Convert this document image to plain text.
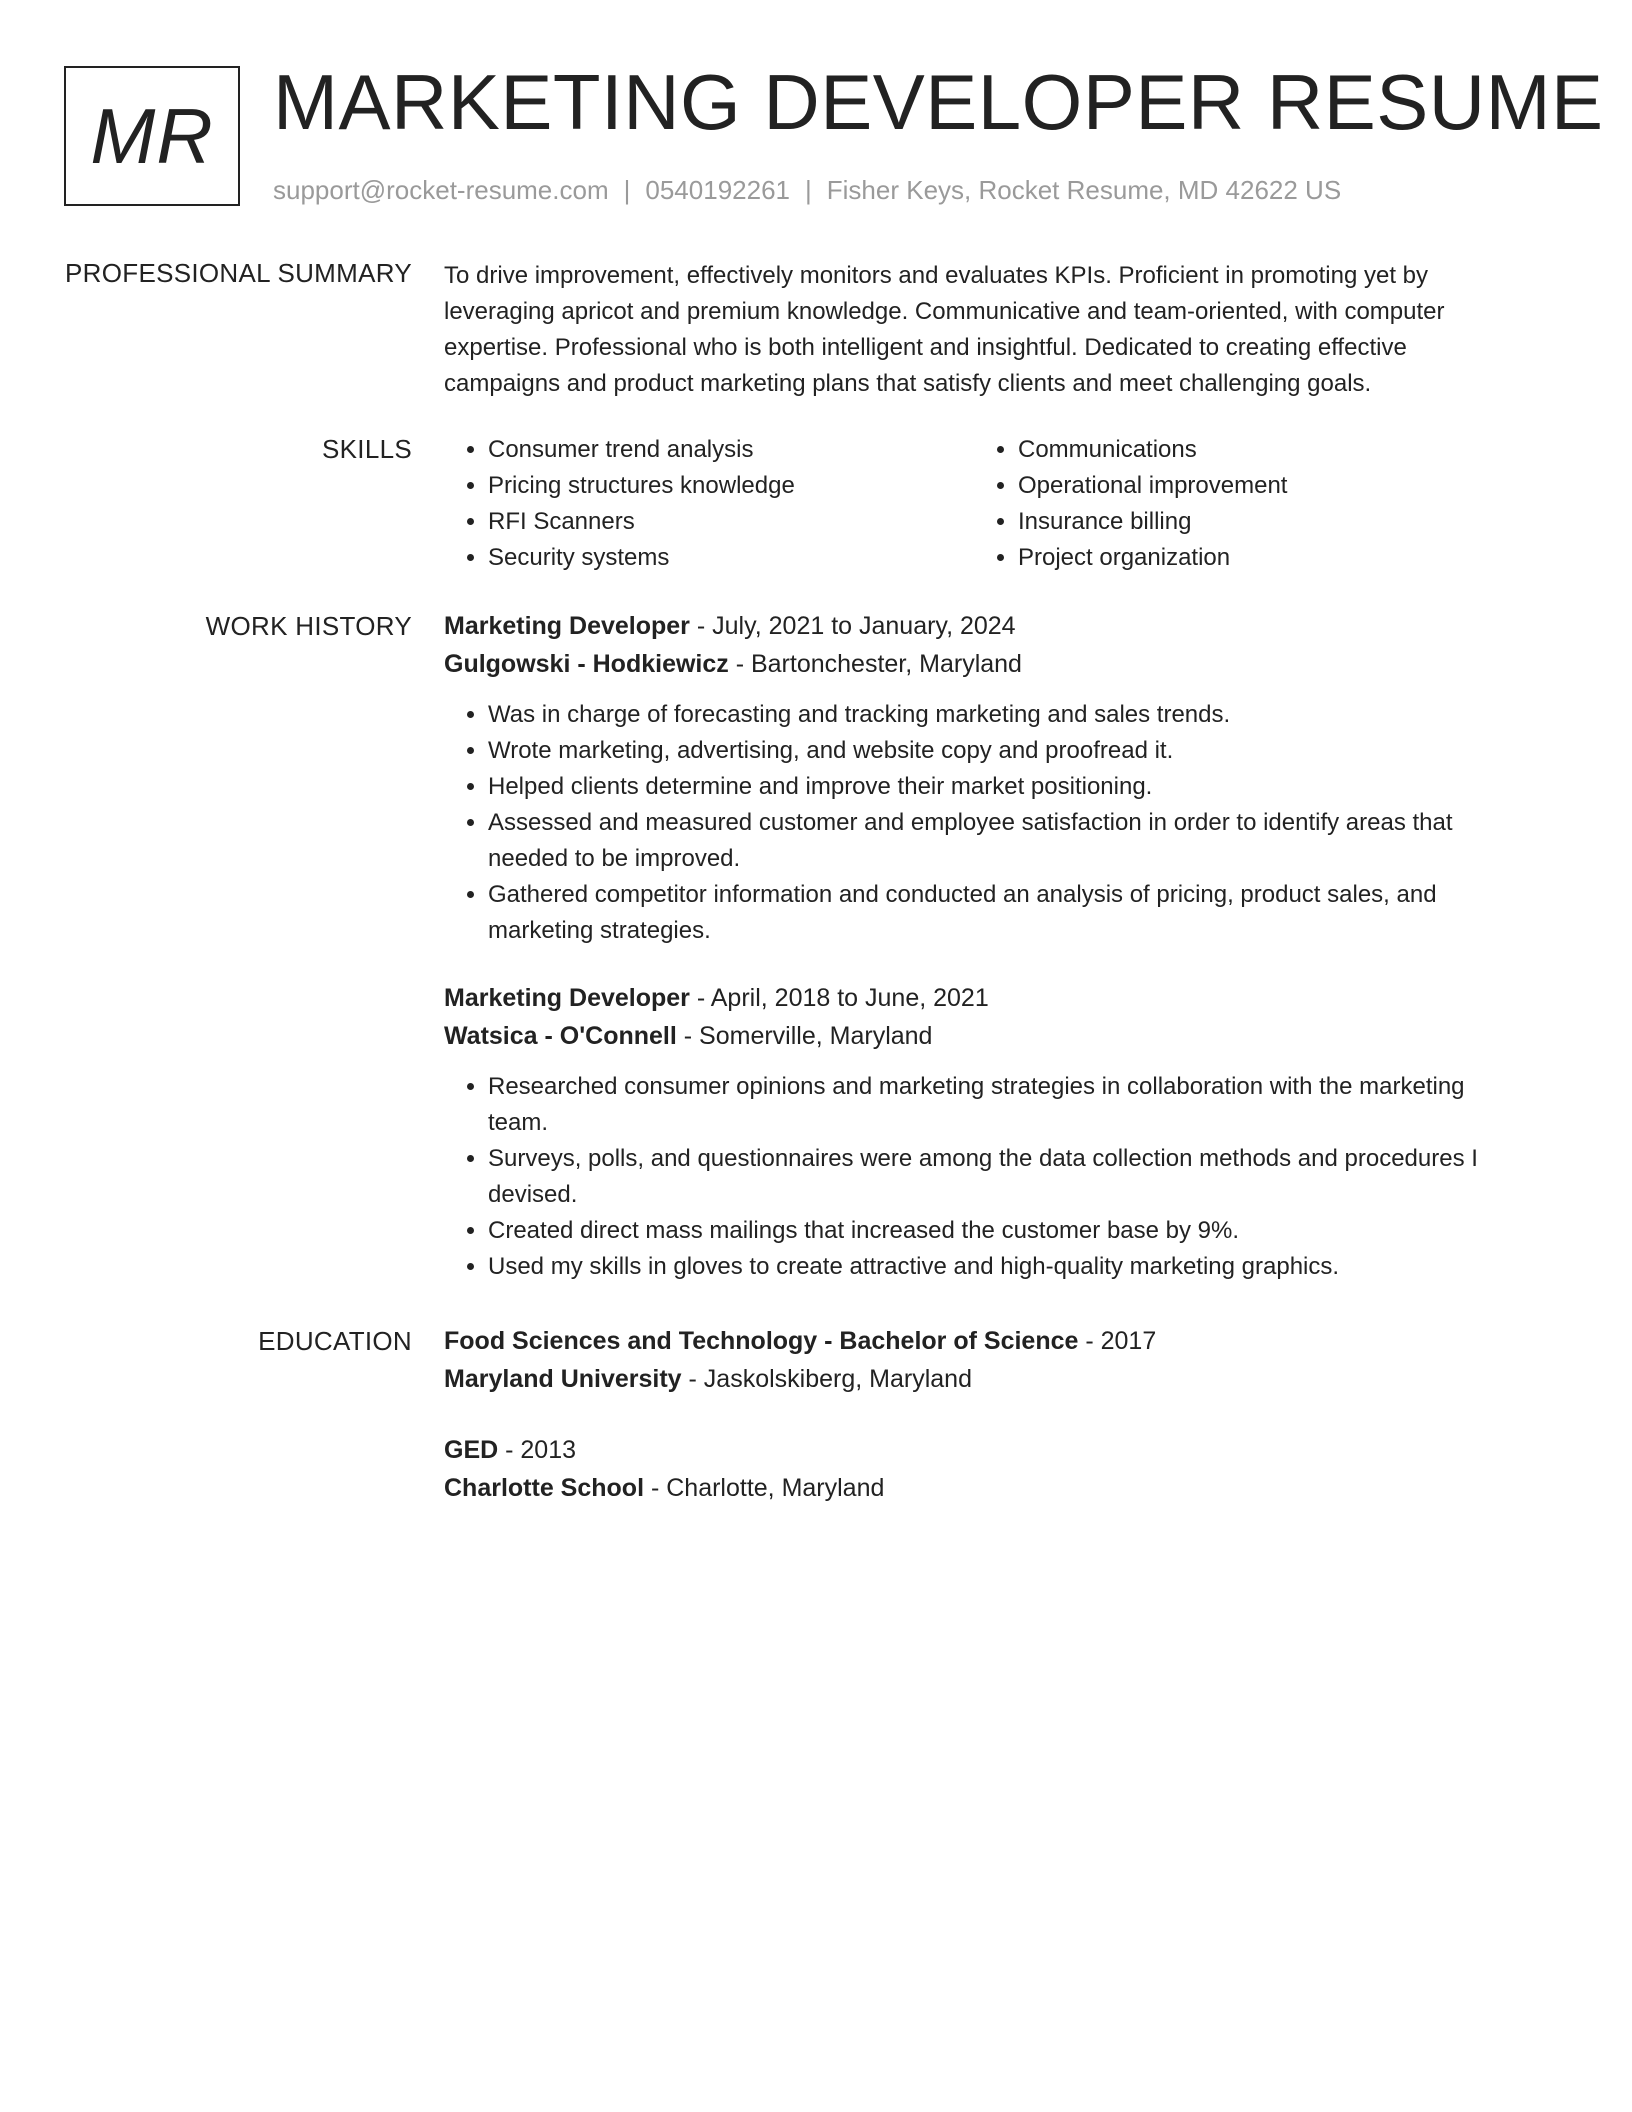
MR MARKETING DEVELOPER RESUME
support@rocket-resume.com | 0540192261 | Fisher Keys, Rocket Resume, MD 42622 US
PROFESSIONAL SUMMARY To drive improvement, effectively monitors and evaluates KPIs. Proficient in promoting yet by leveraging apricot and premium knowledge. Communicative and team-oriented, with computer expertise. Professional who is both intelligent and insightful. Dedicated to creating effective campaigns and product marketing plans that satisfy clients and meet challenging goals.

SKILLS
•	Consumer trend analysis
• Pricing structures knowledge
• RFI Scanners
• Security systems
• Communications
• Operational improvement
• Insurance billing
• Project organization
WORK HISTORY Marketing Developer - July, 2021 to January, 2024
Gulgowski - Hodkiewicz - Bartonchester, Maryland
• Was in charge of forecasting and tracking marketing and sales trends.
• Wrote marketing, advertising, and website copy and proofread it.
• Helped clients determine and improve their market positioning.
• Assessed and measured customer and employee satisfaction in order to identify areas that needed to be improved.
• Gathered competitor information and conducted an analysis of pricing, product sales, and marketing strategies.
Marketing Developer - April, 2018 to June, 2021
Watsica - O'Connell - Somerville, Maryland
• Researched consumer opinions and marketing strategies in collaboration with the marketing team.
• Surveys, polls, and questionnaires were among the data collection methods and procedures I devised.
• Created direct mass mailings that increased the customer base by 9%.
• Used my skills in gloves to create attractive and high-quality marketing graphics.
EDUCATION Food Sciences and Technology - Bachelor of Science - 2017
Maryland University - Jaskolskiberg, Maryland
GED - 2013
Charlotte School - Charlotte, Maryland
